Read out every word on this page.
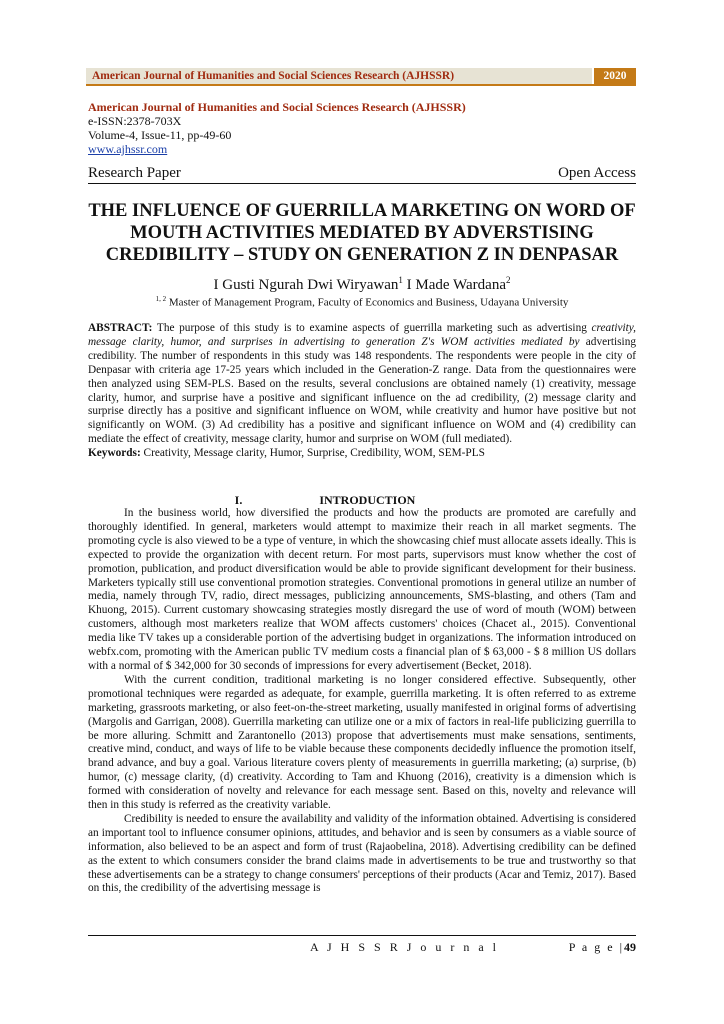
American Journal of Humanities and Social Sciences Research (AJHSSR)	2020
American Journal of Humanities and Social Sciences Research (AJHSSR)
e-ISSN:2378-703X
Volume-4, Issue-11, pp-49-60
www.ajhssr.com
Research Paper	Open Access
THE INFLUENCE OF GUERRILLA MARKETING ON WORD OF MOUTH ACTIVITIES MEDIATED BY ADVERSTISING CREDIBILITY – STUDY ON GENERATION Z IN DENPASAR
I Gusti Ngurah Dwi Wiryawan$^1$ I Made Wardana$^2$
$^{1, 2}$ Master of Management Program, Faculty of Economics and Business, Udayana University
ABSTRACT: The purpose of this study is to examine aspects of guerrilla marketing such as advertising creativity, message clarity, humor, and surprises in advertising to generation Z's WOM activities mediated by advertising credibility. The number of respondents in this study was 148 respondents. The respondents were people in the city of Denpasar with criteria age 17-25 years which included in the Generation-Z range. Data from the questionnaires were then analyzed using SEM-PLS. Based on the results, several conclusions are obtained namely (1) creativity, message clarity, humor, and surprise have a positive and significant influence on the ad credibility, (2) message clarity and surprise directly has a positive and significant influence on WOM, while creativity and humor have positive but not significantly on WOM. (3) Ad credibility has a positive and significant influence on WOM and (4) credibility can mediate the effect of creativity, message clarity, humor and surprise on WOM (full mediated).
Keywords: Creativity, Message clarity, Humor, Surprise, Credibility, WOM, SEM-PLS
I.	INTRODUCTION

In the business world, how diversified the products and how the products are promoted are carefully and thoroughly identified. In general, marketers would attempt to maximize their reach in all market segments. The promoting cycle is also viewed to be a type of venture, in which the showcasing chief must allocate assets ideally. This is expected to provide the organization with decent return. For most parts, supervisors must know whether the cost of promotion, publication, and product diversification would be able to provide significant development for their business. Marketers typically still use conventional promotion strategies. Conventional promotions in general utilize an number of media, namely through TV, radio, direct messages, publicizing announcements, SMS-blasting, and others (Tam and Khuong, 2015). Current customary showcasing strategies mostly disregard the use of word of mouth (WOM) between customers, although most marketers realize that WOM affects customers' choices (Chacet al., 2015). Conventional media like TV takes up a considerable portion of the advertising budget in organizations. The information introduced on webfx.com, promoting with the American public TV medium costs a financial plan of $ 63,000 - $ 8 million US dollars with a normal of $ 342,000 for 30 seconds of impressions for every advertisement (Becket, 2018).

With the current condition, traditional marketing is no longer considered effective. Subsequently, other promotional techniques were regarded as adequate, for example, guerrilla marketing. It is often referred to as extreme marketing, grassroots marketing, or also feet-on-the-street marketing, usually manifested in original forms of advertising (Margolis and Garrigan, 2008). Guerrilla marketing can utilize one or a mix of factors in real-life publicizing guerrilla to be more alluring. Schmitt and Zarantonello (2013) propose that advertisements must make sensations, sentiments, creative mind, conduct, and ways of life to be viable because these components decidedly influence the promotion itself, brand advance, and buy a goal. Various literature covers plenty of measurements in guerrilla marketing; (a) surprise, (b) humor, (c) message clarity, (d) creativity. According to Tam and Khuong (2016), creativity is a dimension which is formed with consideration of novelty and relevance for each message sent. Based on this, novelty and relevance will then in this study is referred as the creativity variable.

Credibility is needed to ensure the availability and validity of the information obtained. Advertising is considered an important tool to influence consumer opinions, attitudes, and behavior and is seen by consumers as a viable source of information, also believed to be an aspect and form of trust (Rajaobelina, 2018). Advertising credibility can be defined as the extent to which consumers consider the brand claims made in advertisements to be true and trustworthy so that these advertisements can be a strategy to change consumers' perceptions of their products (Acar and Temiz, 2017). Based on this, the credibility of the advertising message is

A J H S S R J o u r n a l	P a g e |49
